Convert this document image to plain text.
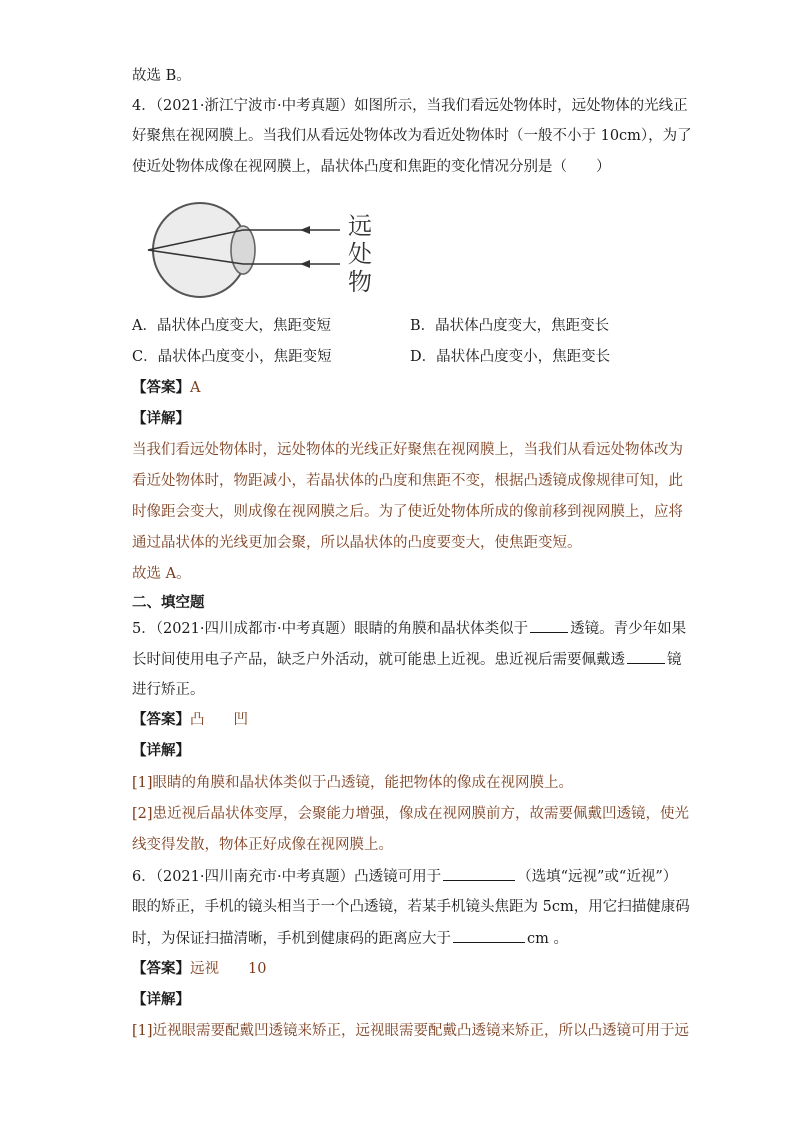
故选 B。
4．（2021·浙江宁波市·中考真题）如图所示，当我们看远处物体时，远处物体的光线正
好聚焦在视网膜上。当我们从看远处物体改为看近处物体时（一般不小于 10cm），为了
使近处物体成像在视网膜上，晶状体凸度和焦距的变化情况分别是（　　）
远
处
物
A．晶状体凸度变大，焦距变短	B．晶状体凸度变大，焦距变长
C．晶状体凸度变小，焦距变短	D．晶状体凸度变小，焦距变长
【答案】A
【详解】
当我们看远处物体时，远处物体的光线正好聚焦在视网膜上，当我们从看远处物体改为
看近处物体时，物距减小，若晶状体的凸度和焦距不变，根据凸透镜成像规律可知，此
时像距会变大，则成像在视网膜之后。为了使近处物体所成的像前移到视网膜上，应将
通过晶状体的光线更加会聚，所以晶状体的凸度要变大，使焦距变短。
故选 A。
二、填空题
5．（2021·四川成都市·中考真题）眼睛的角膜和晶状体类似于	透镜。青少年如果
长时间使用电子产品，缺乏户外活动，就可能患上近视。患近视后需要佩戴透	镜
进行矫正。
【答案】凸　　凹
【详解】
[1]眼睛的角膜和晶状体类似于凸透镜，能把物体的像成在视网膜上。
[2]患近视后晶状体变厚，会聚能力增强，像成在视网膜前方，故需要佩戴凹透镜，使光
线变得发散，物体正好成像在视网膜上。
6．（2021·四川南充市·中考真题）凸透镜可用于	（选填“远视”或“近视”）
眼的矫正，手机的镜头相当于一个凸透镜，若某手机镜头焦距为 5cm，用它扫描健康码
时，为保证扫描清晰，手机到健康码的距离应大于	cm 。
【答案】远视　　10
【详解】
[1]近视眼需要配戴凹透镜来矫正，远视眼需要配戴凸透镜来矫正，所以凸透镜可用于远
